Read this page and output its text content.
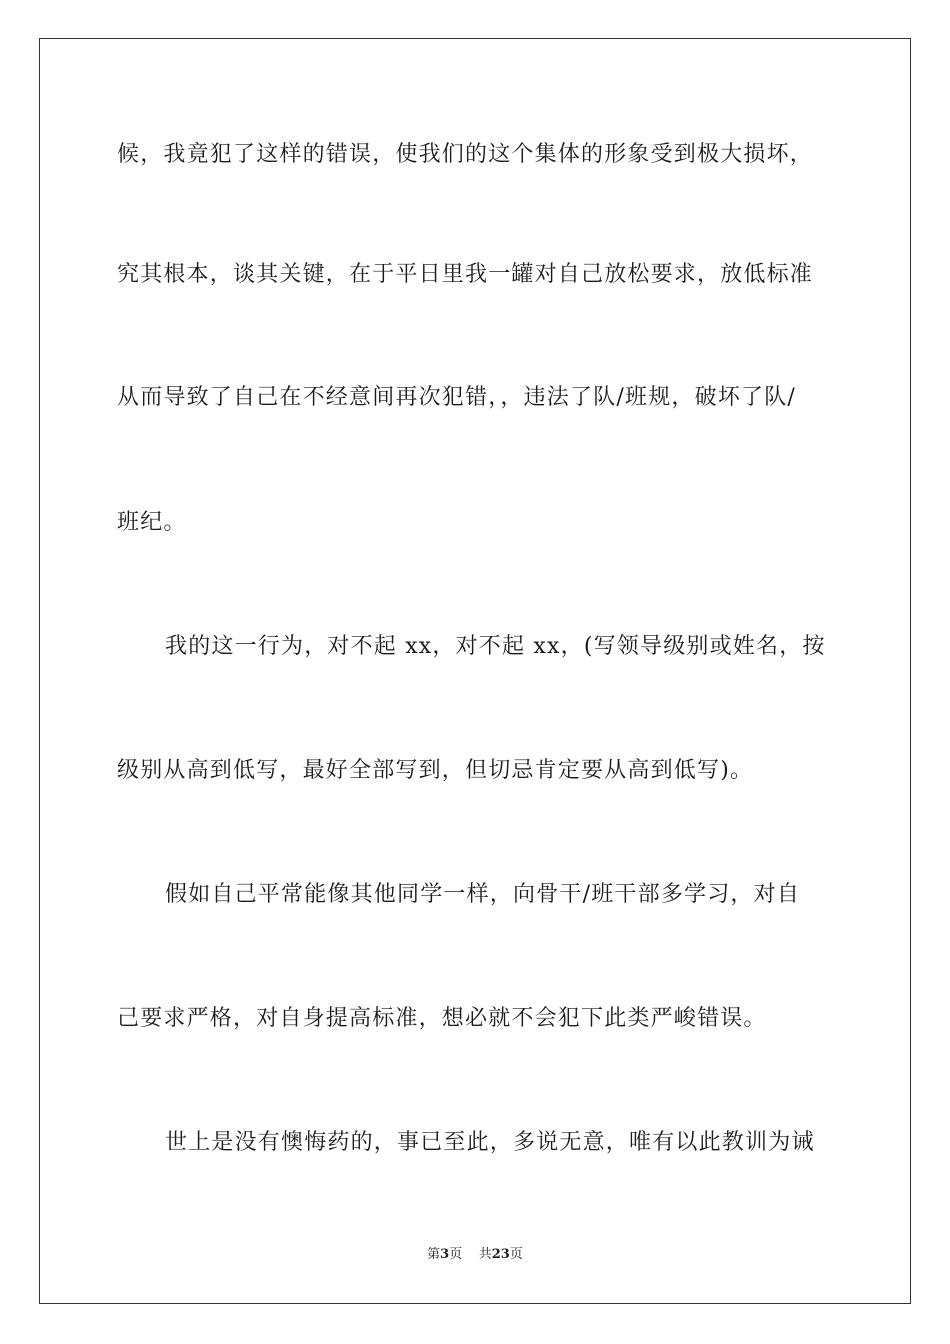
候，我竟犯了这样的错误，使我们的这个集体的形象受到极大损坏，
究其根本，谈其关键，在于平日里我一罐对自己放松要求，放低标准
从而导致了自己在不经意间再次犯错，，违法了队/班规，破坏了队/
班纪。
我的这一行为，对不起 xx，对不起 xx，(写领导级别或姓名，按
级别从高到低写，最好全部写到，但切忌肯定要从高到低写)。
假如自己平常能像其他同学一样，向骨干/班干部多学习，对自
己要求严格，对自身提高标准，想必就不会犯下此类严峻错误。
世上是没有懊悔药的，事已至此，多说无意，唯有以此教训为诫
第3页 共23页
